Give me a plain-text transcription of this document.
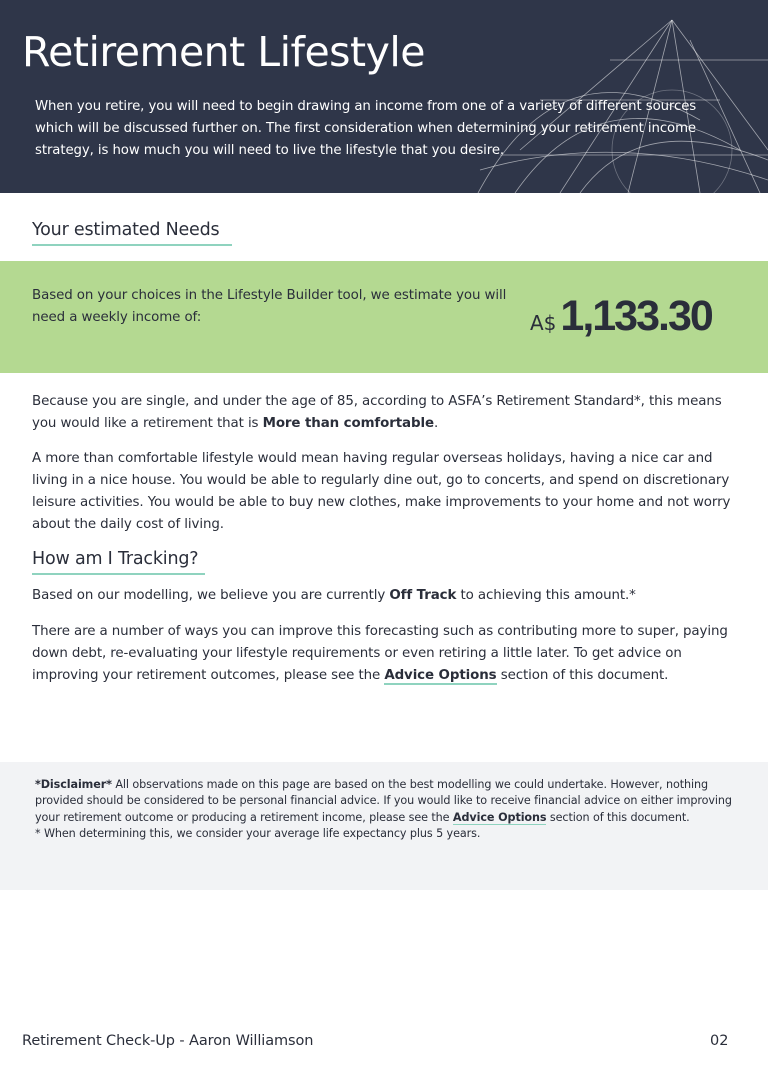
Retirement Lifestyle

When you retire, you will need to begin drawing an income from one of a variety of different sources which will be discussed further on. The first consideration when determining your retirement income strategy, is how much you will need to live the lifestyle that you desire.

Your estimated Needs
Based on your choices in the Lifestyle Builder tool, we estimate you will need a weekly income of:	A$1,133.30
Because you are single, and under the age of 85, according to ASFA’s Retirement Standard*, this means you would like a retirement that is More than comfortable.
A more than comfortable lifestyle would mean having regular overseas holidays, having a nice car and living in a nice house. You would be able to regularly dine out, go to concerts, and spend on discretionary leisure activities. You would be able to buy new clothes, make improvements to your home and not worry about the daily cost of living.
How am I Tracking?
Based on our modelling, we believe you are currently Off Track to achieving this amount.*
There are a number of ways you can improve this forecasting such as contributing more to super, paying down debt, re-evaluating your lifestyle requirements or even retiring a little later. To get advice on improving your retirement outcomes, please see the Advice Options section of this document.
*Disclaimer* All observations made on this page are based on the best modelling we could undertake. However, nothing provided should be considered to be personal financial advice. If you would like to receive financial advice on either improving your retirement outcome or producing a retirement income, please see the Advice Options section of this document.
* When determining this, we consider your average life expectancy plus 5 years.
Retirement Check-Up - Aaron Williamson	02
